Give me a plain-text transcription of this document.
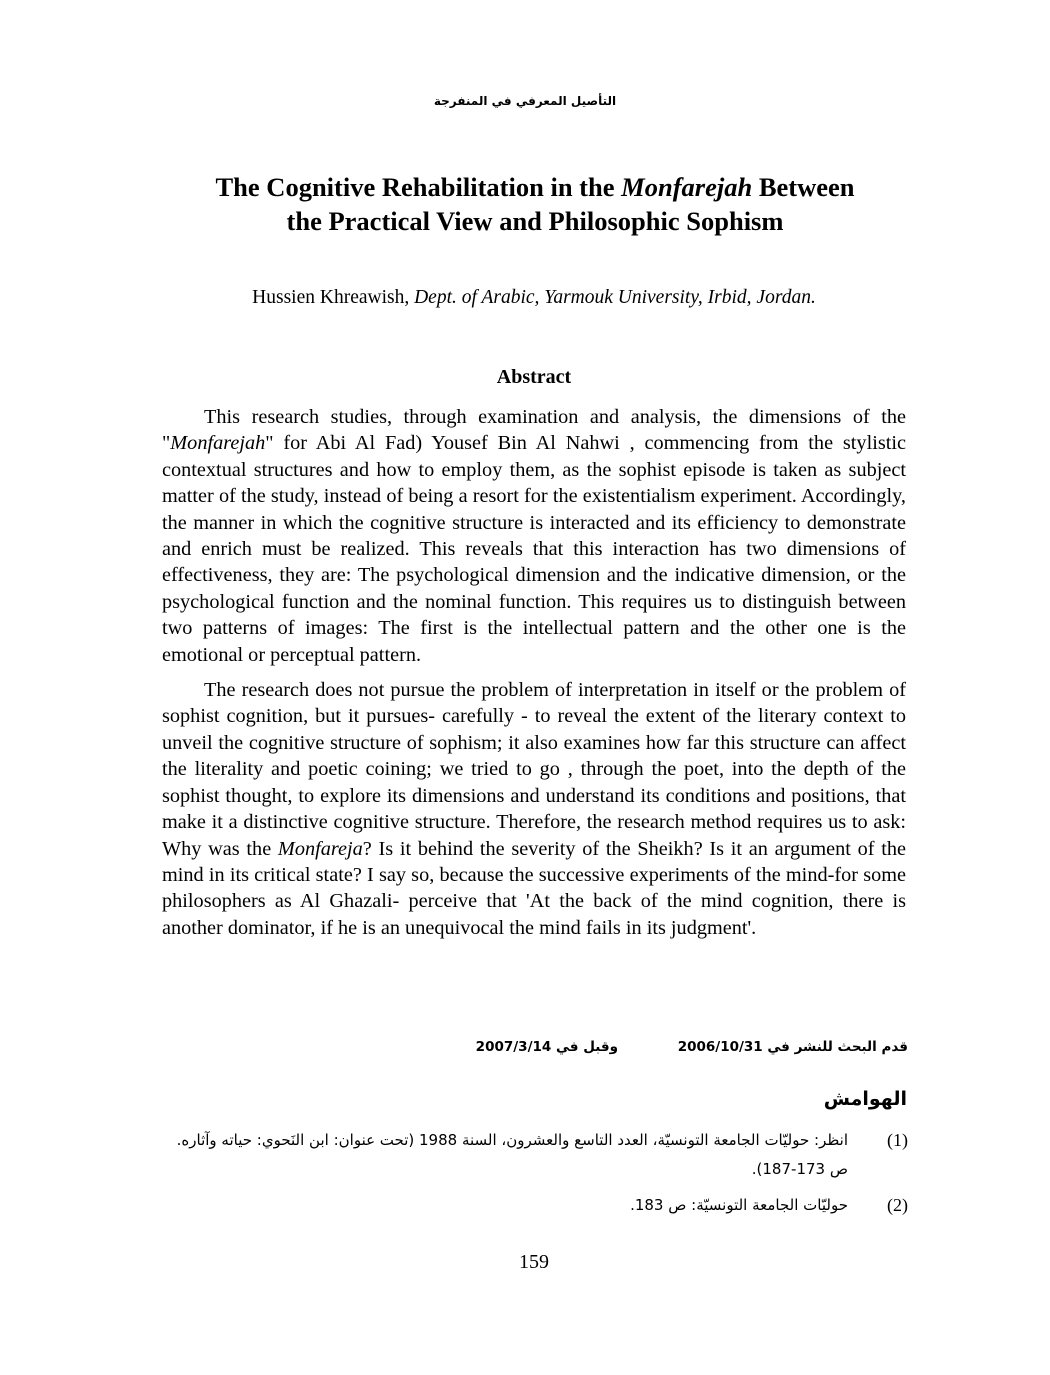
التأصيل المعرفي في المنفرجة
The Cognitive Rehabilitation in the Monfarejah Between
the Practical View and Philosophic Sophism
Hussien Khreawish, Dept. of Arabic, Yarmouk University, Irbid, Jordan.
Abstract

This research studies, through examination and analysis, the dimensions of the "Monfarejah" for Abi Al Fad) Yousef Bin Al Nahwi , commencing from the stylistic contextual structures and how to employ them, as the sophist episode is taken as subject matter of the study, instead of being a resort for the existentialism experiment. Accordingly, the manner in which the cognitive structure is interacted and its efficiency to demonstrate and enrich must be realized. This reveals that this interaction has two dimensions of effectiveness, they are: The psychological dimension and the indicative dimension, or the psychological function and the nominal function. This requires us to distinguish between two patterns of images: The first is the intellectual pattern and the other one is the emotional or perceptual pattern.

The research does not pursue the problem of interpretation in itself or the problem of sophist cognition, but it pursues- carefully - to reveal the extent of the literary context to unveil the cognitive structure of sophism; it also examines how far this structure can affect the literality and poetic coining; we tried to go , through the poet, into the depth of the sophist thought, to explore its dimensions and understand its conditions and positions, that make it a distinctive cognitive structure. Therefore, the research method requires us to ask: Why was the Monfareja? Is it behind the severity of the Sheikh? Is it an argument of the mind in its critical state? I say so, because the successive experiments of the mind-for some philosophers as Al Ghazali- perceive that 'At the back of the mind cognition, there is another dominator, if he is an unequivocal the mind fails in its judgment'.

قدم البحث للنشر في 2006/10/31
وقبل في 2007/3/14
الهوامش
(1)
انظر: حوليّات الجامعة التونسيّة، العدد التاسع والعشرون، السنة 1988 (تحت عنوان: ابن النَحوي: حياته وآثاره. ص 173-187).
(2)
حوليّات الجامعة التونسيّة: ص 183.
159
